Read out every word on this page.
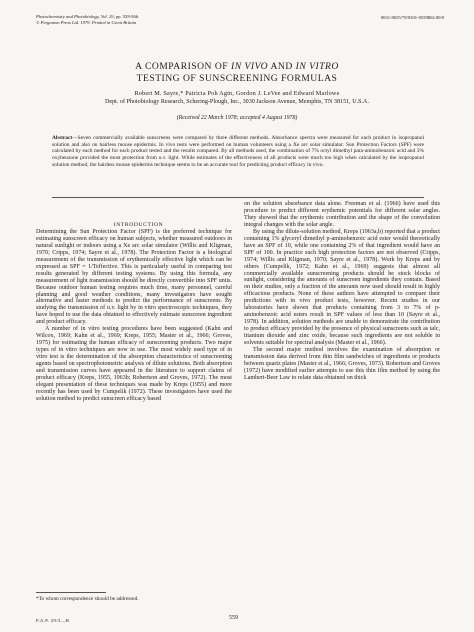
Photochemistry and Photobiology, Vol. 29, pp. 559-566.
© Pergamon Press Ltd. 1979. Printed in Great Britain
0031-8655/79/0301-0559$02.00/0
A COMPARISON OF IN VIVO AND IN VITRO
TESTING OF SUNSCREENING FORMULAS
Robert M. Sayre,* Patricia Poh Agin, Gordon J. LeVee and Edward Marlowe
Dept. of Photobiology Research, Schering-Plough, Inc., 3030 Jackson Avenue, Memphis, TN 38151, U.S.A.
(Received 22 March 1978; accepted 4 August 1978)
Abstract—Seven commercially available sunscreens were compared by three different methods. Absorbance spectra were measured for each product in isopropanol solution and also on hairless mouse epidermis. In vivo tests were performed on human volunteers using a Xe arc solar simulator. Sun Protection Factors (SPF) were calculated by each method for each product tested and the results compared. By all methods used, the combination of 7% octyl dimethyl para-aminobenzoic acid and 3% oxybenzone provided the most protection from u.v. light. While estimates of the effectiveness of all products were much too high when calculated by the isopropanol solution method, the hairless mouse epidermis technique seems to be an accurate tool for predicting product efficacy in vivo.

INTRODUCTION

Determining the Sun Protection Factor (SPF) is the preferred technique for estimating sunscreen efficacy on human subjects, whether measured outdoors in natural sunlight or indoors using a Xe arc solar simulator (Willis and Kligman, 1970; Cripps, 1974; Sayre et al., 1978). The Protection Factor is a biological measurement of the transmission of erythemically effective light which can be expressed as SPF = 1/Teffective. This is particularly useful in comparing test results generated by different testing systems. By using this formula, any measurement of light transmission should be directly convertible into SPF units. Because outdoor human testing requires much time, many personnel, careful planning and good weather conditions, many investigators have sought alternative and faster methods to predict the performance of sunscreens. By studying the transmission of u.v. light by in vitro spectroscopic techniques, they have hoped to use the data obtained to effectively estimate sunscreen ingredient and product efficacy.

A number of in vitro testing procedures have been suggested (Kahn and Wilcox, 1969; Kahn et al., 1969; Kreps, 1955; Master et al., 1966; Groves, 1975) for estimating the human efficacy of sunscreening products. Two major types of in vitro techniques are now in use. The most widely used type of in vitro test is the determination of the absorption characteristics of sunscreening agents based on spectrophotometric analysis of dilute solutions. Both absorption and transmission curves have appeared in the literature to support claims of product efficacy (Kreps, 1955, 1963b; Robertson and Groves, 1972). The most elegant presentation of these techniques was made by Kreps (1955) and more recently has been used by Cumpelik (1972). These investigators have used the solution method to predict sunscreen efficacy based

on the solution absorbance data alone. Freeman et al. (1966) have used this procedure to predict different erythemic potentials for different solar angles. They showed that the erythemic contribution and the shape of the convolution integral changes with the solar angle.

By using the dilute-solution method, Kreps (1963a,b) reported that a product containing 1% glyceryl dimethyl p-aminobenzoic acid ester would theoretically have an SPF of 10, while one containing 2% of that ingredient would have an SPF of 100. In practice such high protection factors are not observed (Cripps, 1974; Willis and Kligman, 1970; Sayre et al., 1978). Work by Kreps and by others (Cumpelik, 1972; Kahn et al., 1969) suggests that almost all commercially available sunscreening products should be stock blocks of sunlight, considering the amounts of sunscreen ingredients they contain. Based on their studies, only a fraction of the amounts now used should result in highly efficacious products. None of these authors have attempted to compare their predictions with in vivo product tests, however. Recent studies in our laboratories have shown that products containing from 3 to 7% of p-aminobenzoic acid esters result in SPF values of less than 10 (Sayre et al., 1978). In addition, solution methods are unable to demonstrate the contribution to product efficacy provided by the presence of physical sunscreens such as talc, titanium dioxide and zinc oxide, because such ingredients are not soluble in solvents suitable for spectral analysis (Master et al., 1966).

The second major method involves the examination of absorption or transmission data derived from thin film sandwiches of ingredients or products between quartz plates (Master et al., 1966; Groves, 1973). Robertson and Groves (1972) have modified earlier attempts to use this thin film method by using the Lambert-Beer Law to relate data obtained on thick

*To whom correspondence should be addressed.
P.A.P. 29/3—H	559
